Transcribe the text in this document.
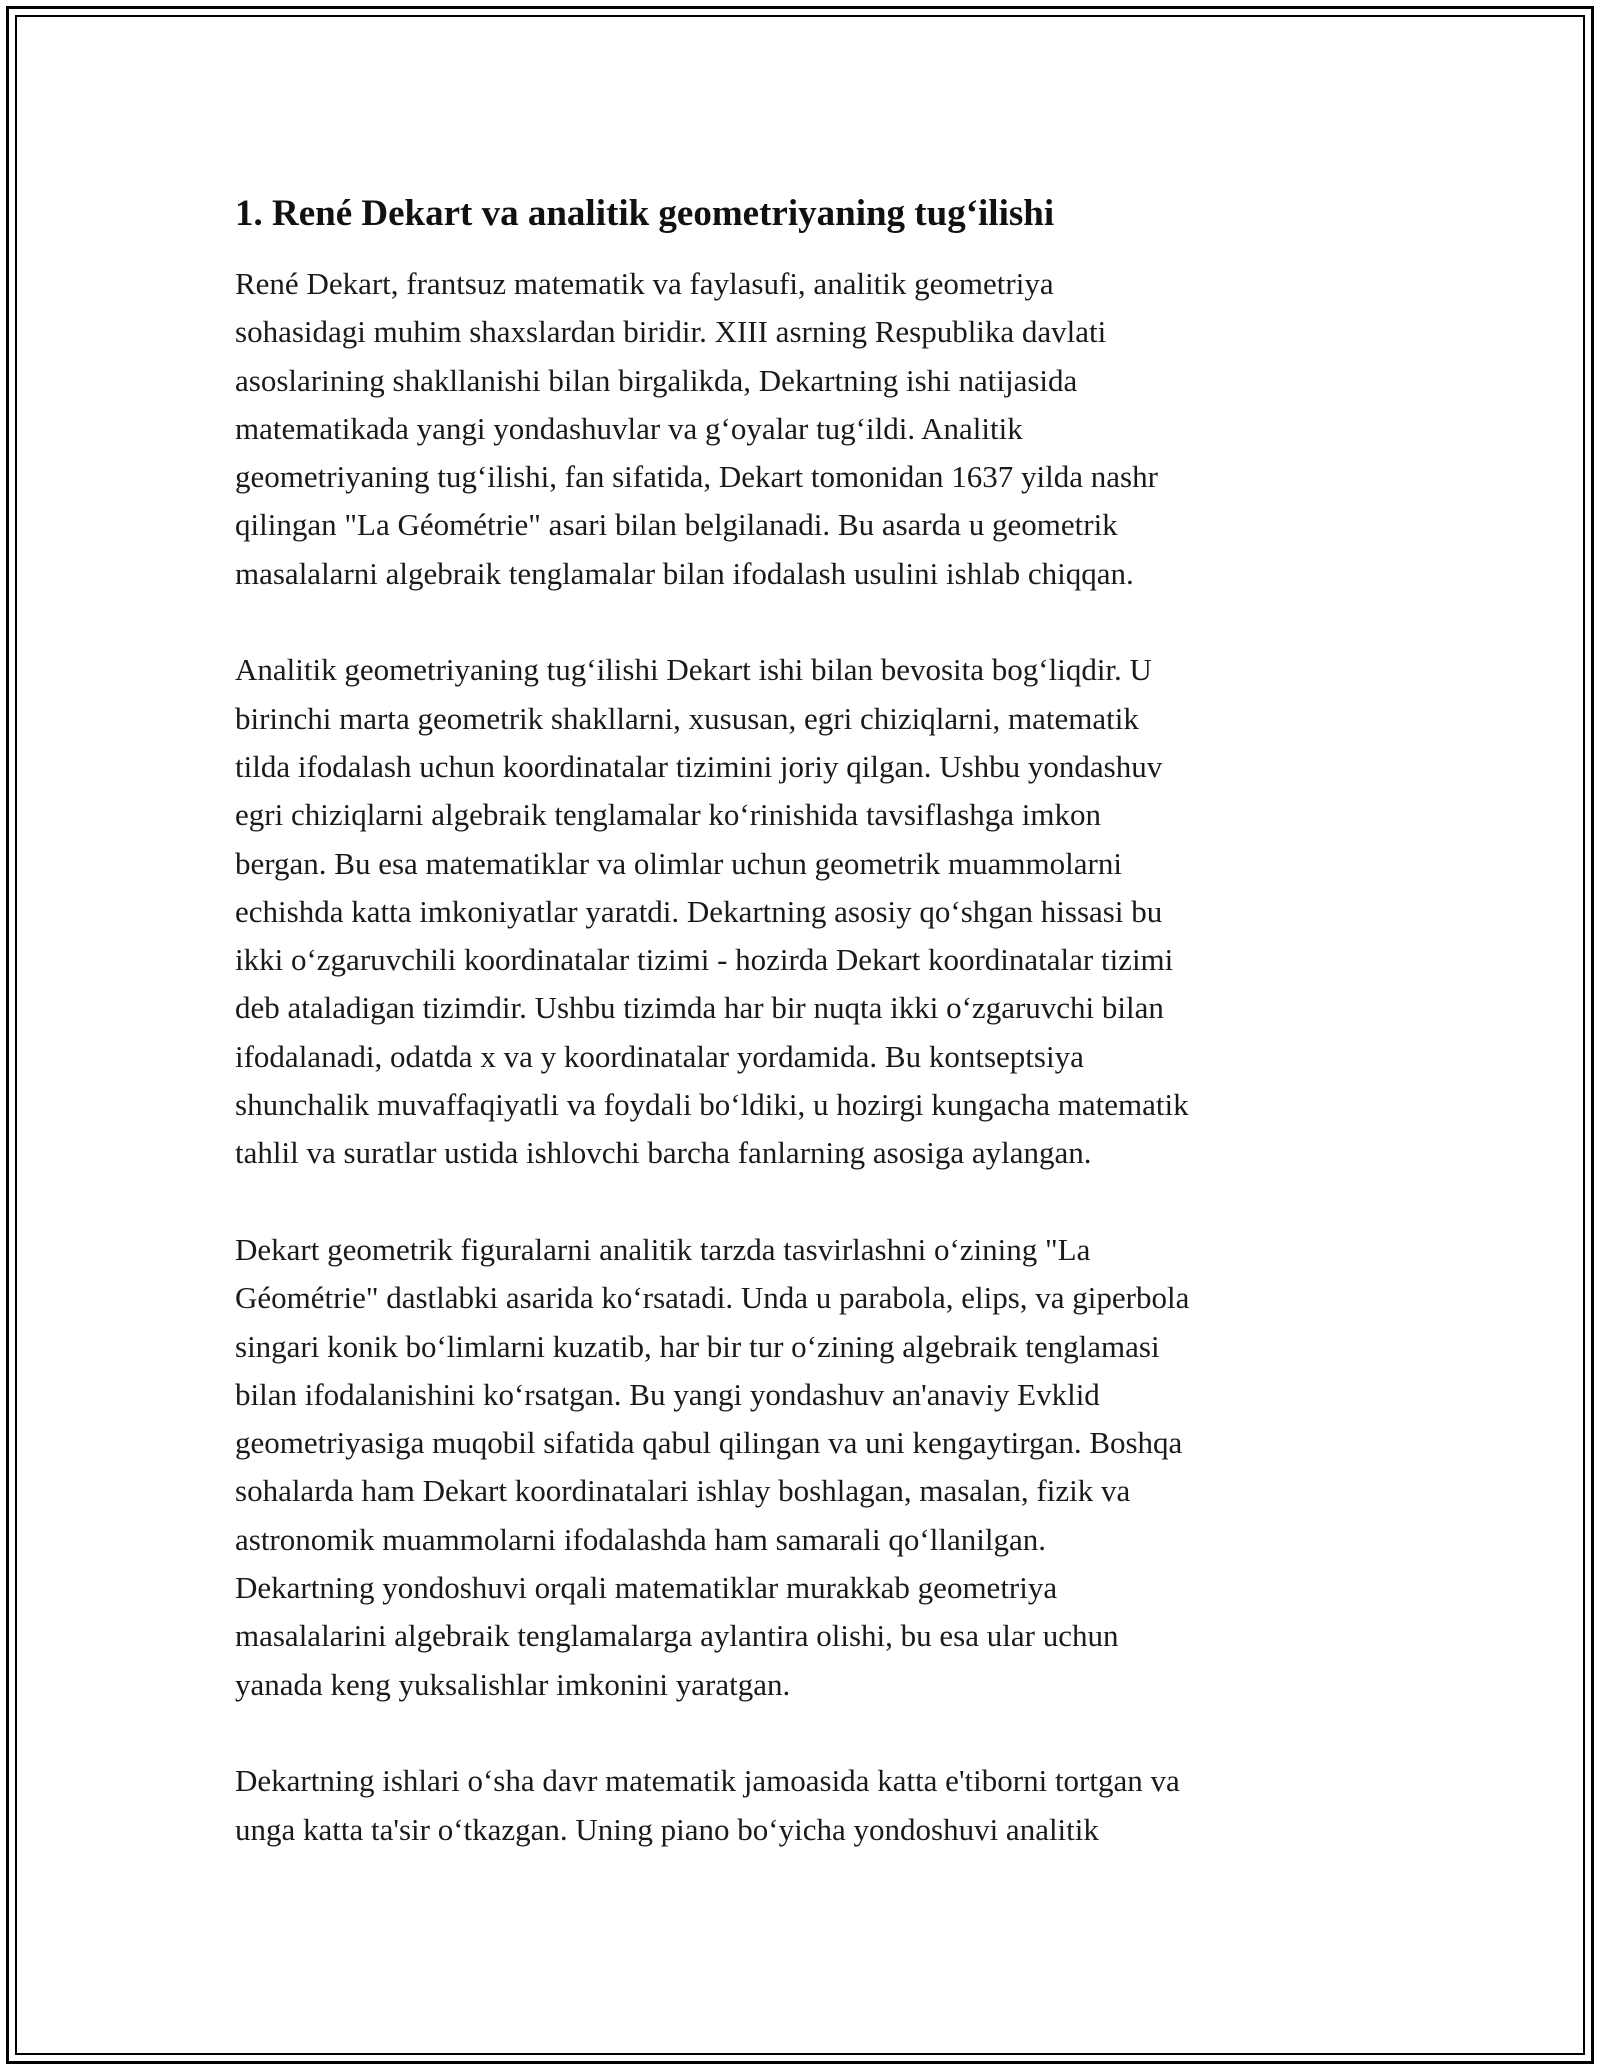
1. René Dekart va analitik geometriyaning tug‘ilishi

René Dekart, frantsuz matematik va faylasufi, analitik geometriya
sohasidagi muhim shaxslardan biridir. XIII asrning Respublika davlati
asoslarining shakllanishi bilan birgalikda, Dekartning ishi natijasida
matematikada yangi yondashuvlar va g‘oyalar tug‘ildi. Analitik
geometriyaning tug‘ilishi, fan sifatida, Dekart tomonidan 1637 yilda nashr
qilingan "La Géométrie" asari bilan belgilanadi. Bu asarda u geometrik
masalalarni algebraik tenglamalar bilan ifodalash usulini ishlab chiqqan.

Analitik geometriyaning tug‘ilishi Dekart ishi bilan bevosita bog‘liqdir. U
birinchi marta geometrik shakllarni, xususan, egri chiziqlarni, matematik
tilda ifodalash uchun koordinatalar tizimini joriy qilgan. Ushbu yondashuv
egri chiziqlarni algebraik tenglamalar ko‘rinishida tavsiflashga imkon
bergan. Bu esa matematiklar va olimlar uchun geometrik muammolarni
echishda katta imkoniyatlar yaratdi. Dekartning asosiy qo‘shgan hissasi bu
ikki o‘zgaruvchili koordinatalar tizimi - hozirda Dekart koordinatalar tizimi
deb ataladigan tizimdir. Ushbu tizimda har bir nuqta ikki o‘zgaruvchi bilan
ifodalanadi, odatda x va y koordinatalar yordamida. Bu kontseptsiya
shunchalik muvaffaqiyatli va foydali bo‘ldiki, u hozirgi kungacha matematik
tahlil va suratlar ustida ishlovchi barcha fanlarning asosiga aylangan.

Dekart geometrik figuralarni analitik tarzda tasvirlashni o‘zining "La
Géométrie" dastlabki asarida ko‘rsatadi. Unda u parabola, elips, va giperbola
singari konik bo‘limlarni kuzatib, har bir tur o‘zining algebraik tenglamasi
bilan ifodalanishini ko‘rsatgan. Bu yangi yondashuv an'anaviy Evklid
geometriyasiga muqobil sifatida qabul qilingan va uni kengaytirgan. Boshqa
sohalarda ham Dekart koordinatalari ishlay boshlagan, masalan, fizik va
astronomik muammolarni ifodalashda ham samarali qo‘llanilgan.
Dekartning yondoshuvi orqali matematiklar murakkab geometriya
masalalarini algebraik tenglamalarga aylantira olishi, bu esa ular uchun
yanada keng yuksalishlar imkonini yaratgan.

Dekartning ishlari o‘sha davr matematik jamoasida katta e'tiborni tortgan va
unga katta ta'sir o‘tkazgan. Uning piano bo‘yicha yondoshuvi analitik
